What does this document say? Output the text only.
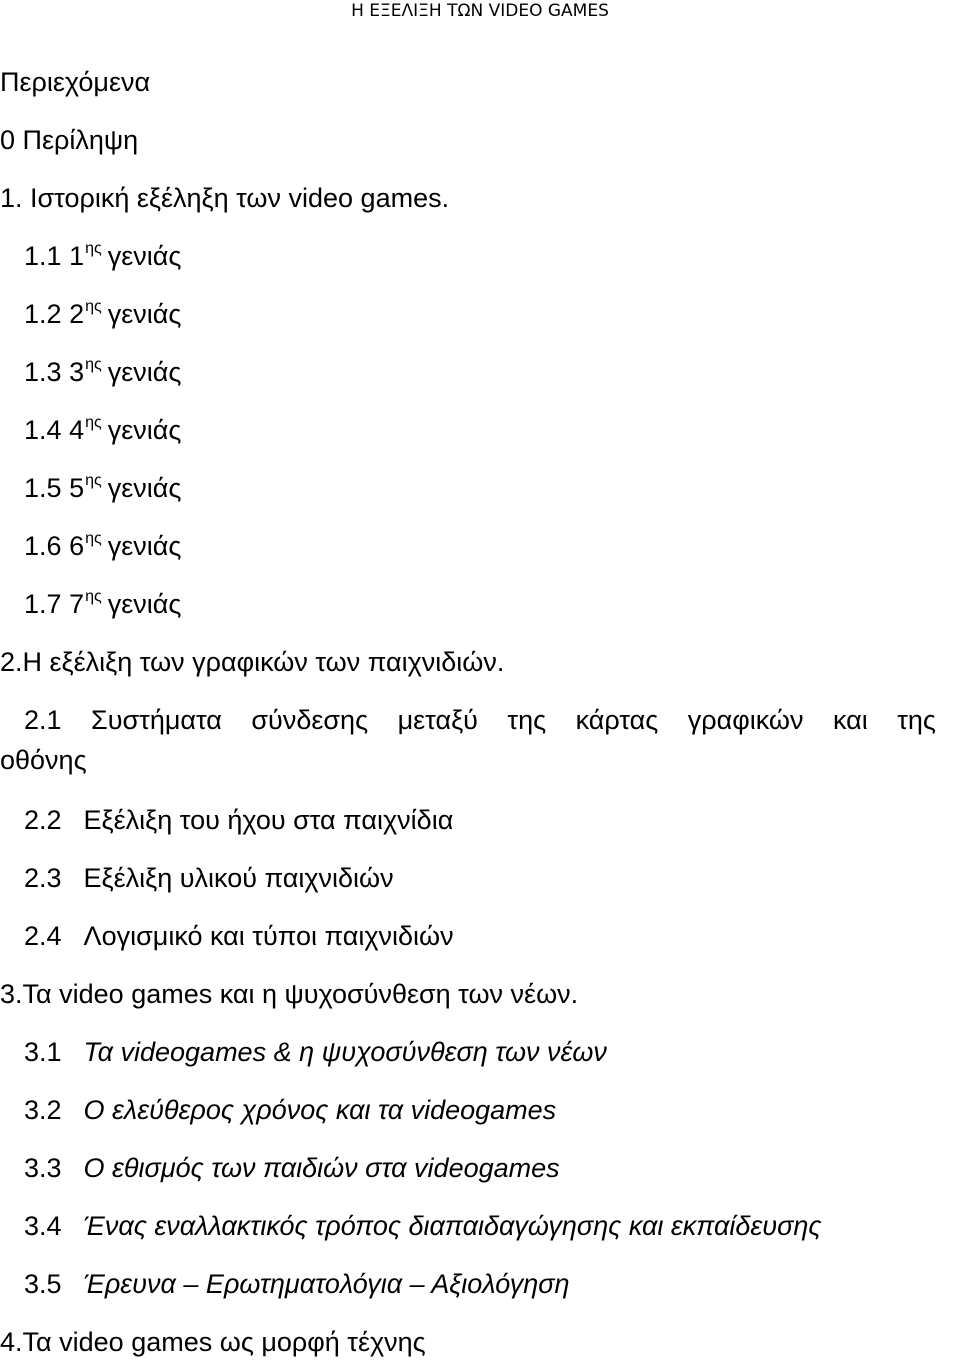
Η ΕΞΕΛΙΞΗ ΤΩΝ VIDEO GAMES
Περιεχόμενα
0 Περίληψη
1. Ιστορική εξέληξη των video games.
1.1 $1^{\eta\varsigma}$ γενιάς
1.2 $2^{\eta\varsigma}$ γενιάς
1.3 $3^{\eta\varsigma}$ γενιάς
1.4 $4^{\eta\varsigma}$ γενιάς
1.5 $5^{\eta\varsigma}$ γενιάς
1.6 $6^{\eta\varsigma}$ γενιάς
1.7 $7^{\eta\varsigma}$ γενιάς
2.Η εξέλιξη των γραφικών των παιχνιδιών.
2.1 Συστήματα σύνδεσης μεταξύ της κάρτας γραφικών και της
οθόνης
2.2 Εξέλιξη του ήχου στα παιχνίδια
2.3 Εξέλιξη υλικού παιχνιδιών
2.4 Λογισμικό και τύποι παιχνιδιών
3.Τα video games και η ψυχοσύνθεση των νέων.
3.1 Τα videogames & η ψυχοσύνθεση των νέων
3.2 Ο ελεύθερος χρόνος και τα videogames
3.3 Ο εθισμός των παιδιών στα videogames
3.4 Ένας εναλλακτικός τρόπος διαπαιδαγώγησης και εκπαίδευσης
3.5 Έρευνα – Ερωτηματολόγια – Αξιολόγηση
4.Τα video games ως μορφή τέχνης
